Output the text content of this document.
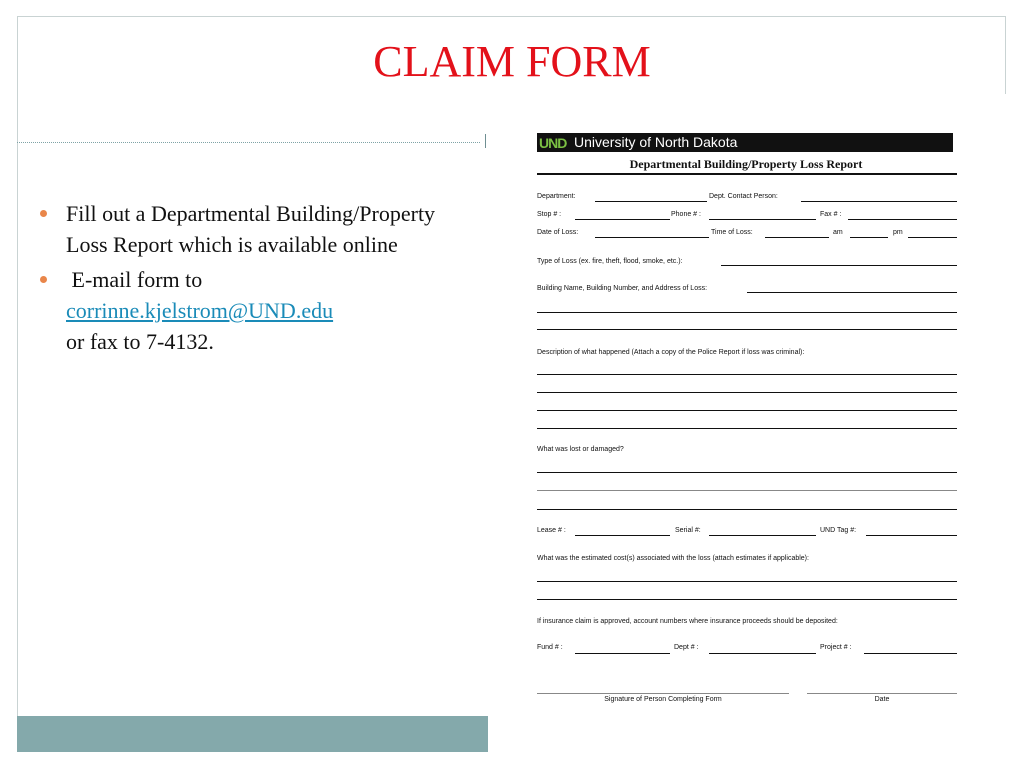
CLAIM FORM
Fill out a Departmental Building/Property Loss Report which is available online
E-mail form to
corrinne.kjelstrom@UND.edu
or fax to 7-4132.
UND University of North Dakota
Departmental Building/Property Loss Report
Department:	Dept. Contact Person:
Stop # :	Phone # :	Fax # :
Date of Loss:	Time of Loss:	am	pm
Type of Loss (ex. fire, theft, flood, smoke, etc.):
Building Name, Building Number, and Address of Loss:
Description of what happened (Attach a copy of the Police Report if loss was criminal):
What was lost or damaged?
Lease # :	Serial #:	UND Tag #:
What was the estimated cost(s) associated with the loss (attach estimates if applicable):
If insurance claim is approved, account numbers where insurance proceeds should be deposited:
Fund # :	Dept # :	Project # :
Signature of Person Completing Form	Date
